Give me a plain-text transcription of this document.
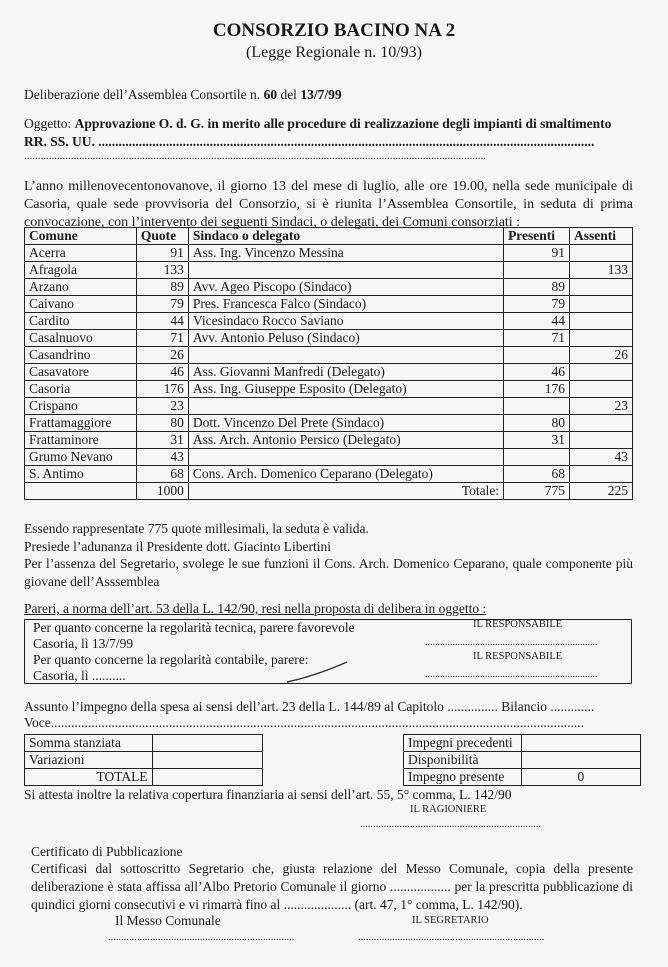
CONSORZIO BACINO NA 2
(Legge Regionale n. 10/93)
Deliberazione dell’Assemblea Consortile n. 60 del 13/7/99
Oggetto: Approvazione O. d. G. in merito alle procedure di realizzazione degli impianti di smaltimento
RR. SS. UU. ...................................................................................................................................................
........................................................................................................................................................................
L’anno millenovecentonovanove, il giorno 13 del mese di luglio, alle ore 19.00, nella sede municipale di Casoria, quale sede provvisoria del Consorzio, si è riunita l’Assemblea Consortile, in seduta di prima convocazione, con l’intervento dei seguenti Sindaci, o delegati, dei Comuni consorziati :
Comune	Quote	Sindaco o delegato	Presenti	Assenti
Acerra	91	Ass. Ing. Vincenzo Messina	91	
Afragola	133			133
Arzano	89	Avv. Ageo Piscopo (Sindaco)	89	
Caivano	79	Pres. Francesca Falco (Sindaco)	79	
Cardito	44	Vicesindaco Rocco Saviano	44	
Casalnuovo	71	Avv. Antonio Peluso (Sindaco)	71	
Casandrino	26			26
Casavatore	46	Ass. Giovanni Manfredi (Delegato)	46	
Casoria	176	Ass. Ing. Giuseppe Esposito (Delegato)	176	
Crispano	23			23
Frattamaggiore	80	Dott. Vincenzo Del Prete (Sindaco)	80	
Frattaminore	31	Ass. Arch. Antonio Persico (Delegato)	31	
Grumo Nevano	43			43
S. Antimo	68	Cons. Arch. Domenico Ceparano (Delegato)	68	
	1000	Totale:	775	225
Essendo rappresentate 775 quote millesimali, la seduta è valida.
Presiede l’adunanza il Presidente dott. Giacinto Libertini
Per l’assenza del Segretario, svolege le sue funzioni il Cons. Arch. Domenico Ceparano, quale componente più giovane dell’Asssemblea
Pareri, a norma dell’art. 53 della L. 142/90, resi nella proposta di delibera in oggetto :
Per quanto concerne la regolarità tecnica, parere favorevole	IL RESPONSABILE
Casoria, lì 13/7/99	.....................................................................
Per quanto concerne la regolarità contabile, parere:	IL RESPONSABILE
Casoria, lì ..........	.....................................................................
Assunto l’impegno della spesa ai sensi dell’art. 23 della L. 144/89 al Capitolo ............... Bilancio .............
Voce..............................................................................................................................................................
Somma stanziata	
Variazioni	
TOTALE	
Impegni precedenti	
Disponibilità	
Impegno presente	0
Si attesta inoltre la relativa copertura finanziaria ai sensi dell’art. 55, 5° comma, L. 142/90
IL RAGIONIERE
.....................................................................
Certificato di Pubblicazione
Certificasi dal sottoscritto Segretario che, giusta relazione del Messo Comunale, copia della presente deliberazione è stata affissa all’Albo Pretorio Comunale il giorno .................. per la prescritta pubblicazione di quindici giorni consecutivi e vi rimarrà fino al .................... (art. 47, 1° comma, L. 142/90).
Il Messo Comunale	IL SEGRETARIO
.......................................................................	.......................................................................
